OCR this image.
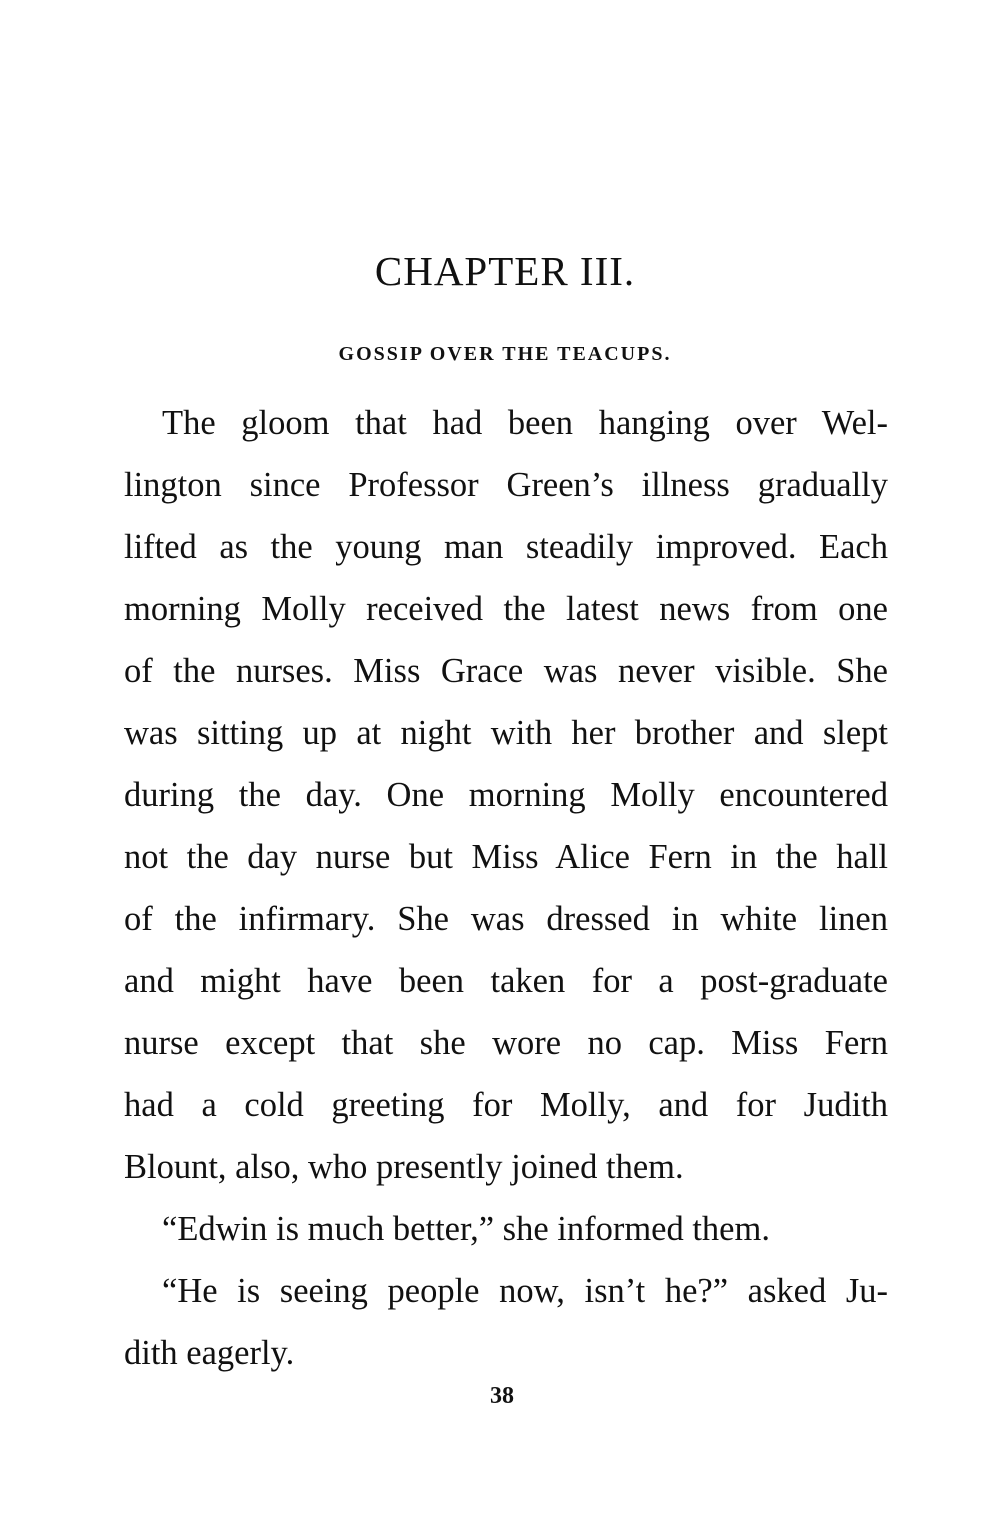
CHAPTER III.
GOSSIP OVER THE TEACUPS.
The gloom that had been hanging over Wel-
lington since Professor Green’s illness gradually
lifted as the young man steadily improved. Each
morning Molly received the latest news from one
of the nurses. Miss Grace was never visible. She
was sitting up at night with her brother and slept
during the day. One morning Molly encountered
not the day nurse but Miss Alice Fern in the hall
of the infirmary. She was dressed in white linen
and might have been taken for a post-graduate
nurse except that she wore no cap. Miss Fern
had a cold greeting for Molly, and for Judith
Blount, also, who presently joined them.
“Edwin is much better,” she informed them.
“He is seeing people now, isn’t he?” asked Ju-
dith eagerly.
38
